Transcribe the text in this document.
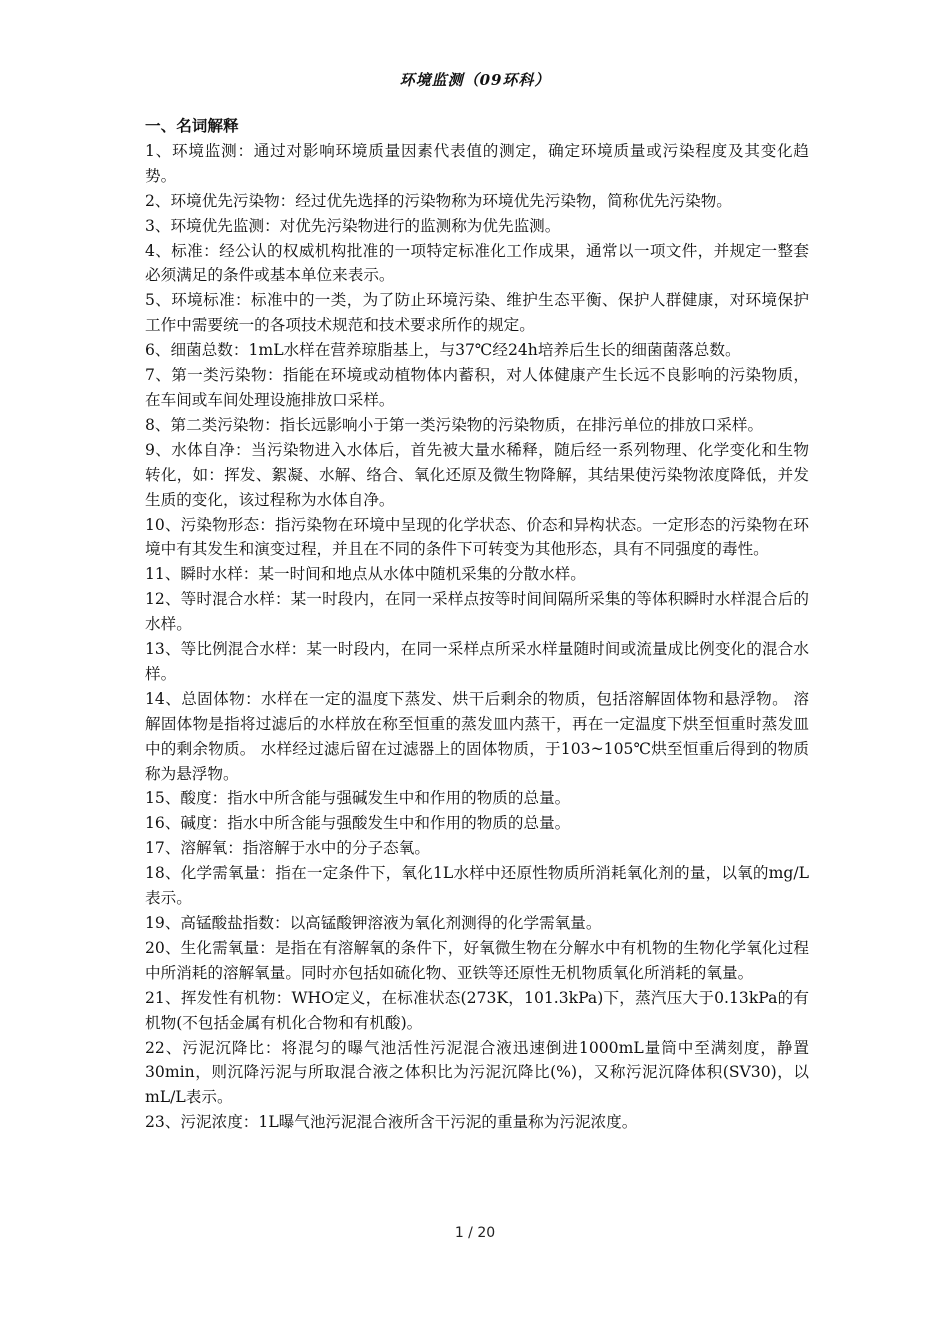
环境监测（09环科）
一、名词解释

1、环境监测：通过对影响环境质量因素代表值的测定，确定环境质量或污染程度及其变化趋势。

2、环境优先污染物：经过优先选择的污染物称为环境优先污染物，简称优先污染物。

3、环境优先监测：对优先污染物进行的监测称为优先监测。

4、标准：经公认的权威机构批准的一项特定标准化工作成果，通常以一项文件，并规定一整套必须满足的条件或基本单位来表示。

5、环境标准：标准中的一类，为了防止环境污染、维护生态平衡、保护人群健康，对环境保护工作中需要统一的各项技术规范和技术要求所作的规定。

6、细菌总数：1mL水样在营养琼脂基上，与37℃经24h培养后生长的细菌菌落总数。

7、第一类污染物：指能在环境或动植物体内蓄积，对人体健康产生长远不良影响的污染物质，在车间或车间处理设施排放口采样。

8、第二类污染物：指长远影响小于第一类污染物的污染物质，在排污单位的排放口采样。

9、水体自净：当污染物进入水体后，首先被大量水稀释，随后经一系列物理、化学变化和生物转化，如：挥发、絮凝、水解、络合、氧化还原及微生物降解，其结果使污染物浓度降低，并发生质的变化，该过程称为水体自净。

10、污染物形态：指污染物在环境中呈现的化学状态、价态和异构状态。一定形态的污染物在环境中有其发生和演变过程，并且在不同的条件下可转变为其他形态，具有不同强度的毒性。

11、瞬时水样：某一时间和地点从水体中随机采集的分散水样。

12、等时混合水样：某一时段内，在同一采样点按等时间间隔所采集的等体积瞬时水样混合后的水样。

13、等比例混合水样：某一时段内，在同一采样点所采水样量随时间或流量成比例变化的混合水样。

14、总固体物：水样在一定的温度下蒸发、烘干后剩余的物质，包括溶解固体物和悬浮物。 溶解固体物是指将过滤后的水样放在称至恒重的蒸发皿内蒸干，再在一定温度下烘至恒重时蒸发皿中的剩余物质。 水样经过滤后留在过滤器上的固体物质，于103~105℃烘至恒重后得到的物质称为悬浮物。

15、酸度：指水中所含能与强碱发生中和作用的物质的总量。

16、碱度：指水中所含能与强酸发生中和作用的物质的总量。

17、溶解氧：指溶解于水中的分子态氧。

18、化学需氧量：指在一定条件下，氧化1L水样中还原性物质所消耗氧化剂的量，以氧的mg/L表示。

19、高锰酸盐指数：以高锰酸钾溶液为氧化剂测得的化学需氧量。

20、生化需氧量：是指在有溶解氧的条件下，好氧微生物在分解水中有机物的生物化学氧化过程中所消耗的溶解氧量。同时亦包括如硫化物、亚铁等还原性无机物质氧化所消耗的氧量。

21、挥发性有机物：WHO定义，在标准状态(273K，101.3kPa)下，蒸汽压大于0.13kPa的有机物(不包括金属有机化合物和有机酸)。

22、污泥沉降比：将混匀的曝气池活性污泥混合液迅速倒进1000mL量筒中至满刻度，静置30min，则沉降污泥与所取混合液之体积比为污泥沉降比(%)，又称污泥沉降体积(SV30)，以mL/L表示。

23、污泥浓度：1L曝气池污泥混合液所含干污泥的重量称为污泥浓度。

1 / 20
